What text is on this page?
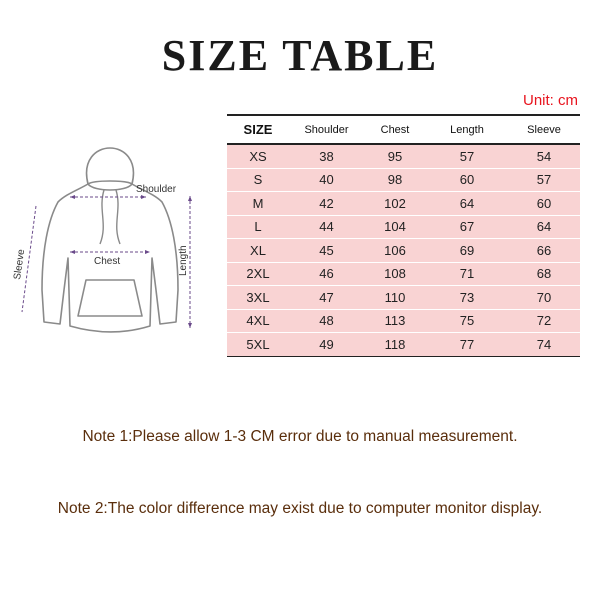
SIZE TABLE
Unit: cm
Shoulder
Chest	Length
Sleeve
SIZE	Shoulder	Chest	Length	Sleeve
XS	38	95	57	54
S	40	98	60	57
M	42	102	64	60
L	44	104	67	64
XL	45	106	69	66
2XL	46	108	71	68
3XL	47	110	73	70
4XL	48	113	75	72
5XL	49	118	77	74
Note 1:Please allow 1-3 CM error due to manual measurement.
Note 2:The color difference may exist due to computer monitor display.
